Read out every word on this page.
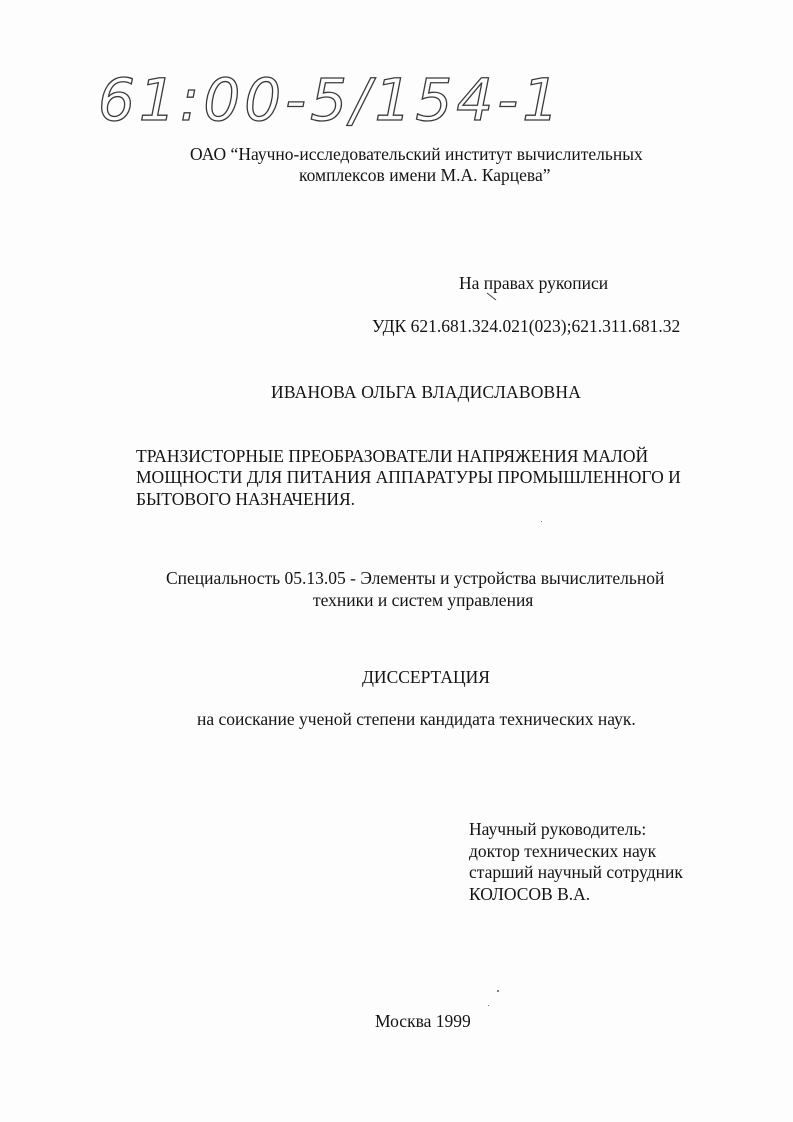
61:00-5/154-1
ОАО “Научно-исследовательский институт вычислительных
комплексов имени М.А. Карцева”
На правах рукописи
УДК 621.681.324.021(023);621.311.681.32
ИВАНОВА ОЛЬГА ВЛАДИСЛАВОВНА
ТРАНЗИСТОРНЫЕ ПРЕОБРАЗОВАТЕЛИ НАПРЯЖЕНИЯ МАЛОЙ
МОЩНОСТИ ДЛЯ ПИТАНИЯ АППАРАТУРЫ ПРОМЫШЛЕННОГО И
БЫТОВОГО НАЗНАЧЕНИЯ.
Специальность 05.13.05 - Элементы и устройства вычислительной
техники и систем управления
ДИССЕРТАЦИЯ
на соискание ученой степени кандидата технических наук.
Научный руководитель:
доктор технических наук
старший научный сотрудник
КОЛОСОВ В.А.
Москва 1999
